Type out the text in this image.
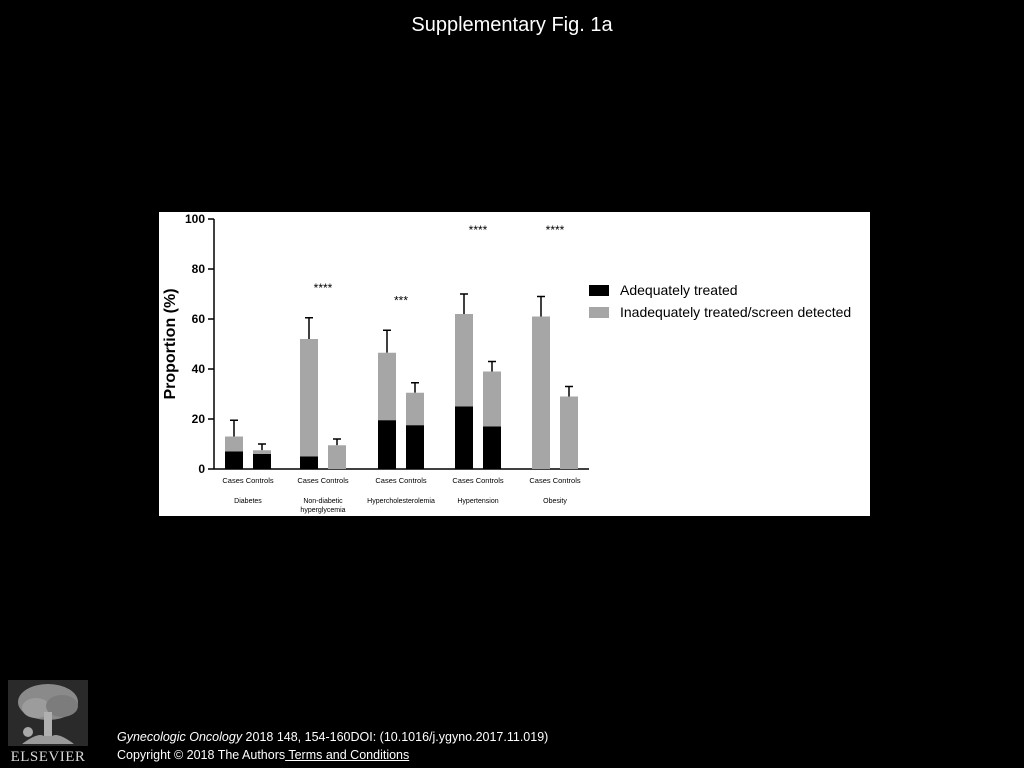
Supplementary Fig. 1a
0
20
40
60
80
100
Proportion (%)
Cases Controls
Diabetes
Cases Controls
Non-diabetic
hyperglycemia
****
Cases Controls
Hypercholesterolemia
***
Cases Controls
Hypertension
****
Cases Controls
Obesity
****
Adequately treated
Inadequately treated/screen detected
ELSEVIER
Gynecologic Oncology 2018 148, 154-160DOI: (10.1016/j.ygyno.2017.11.019)
Copyright © 2018 The Authors Terms and Conditions
